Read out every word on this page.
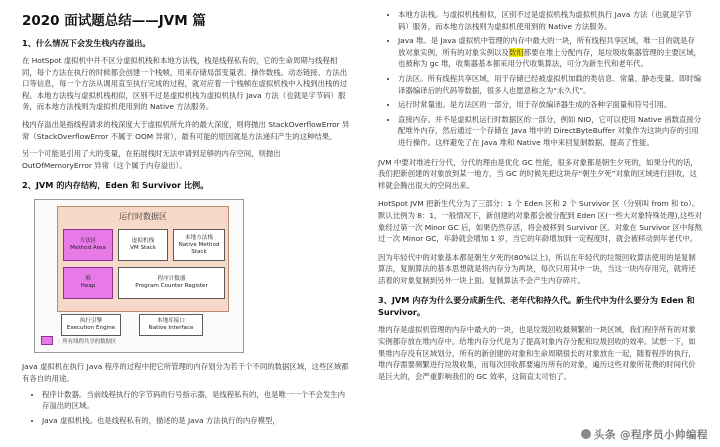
2020 面试题总结——JVM 篇
1、什么情况下会发生栈内存溢出。

在 HotSpot 虚拟机中并不区分虚拟机栈和本地方法栈，栈是线程私有的，它的生命周期与线程相同，每个方法在执行的时候都会创建一个栈帧，用来存储局部变量表、操作数栈、动态链接、方法出口等信息，每一个方法从调用直至执行完成的过程，就对应着一个栈帧在虚拟机栈中入栈到出栈的过程。本地方法栈与虚拟机栈相似，区别不过是虚拟机栈为虚拟机执行 Java 方法（也就是字节码）服务，而本地方法栈则为虚拟机使用到的 Native 方法服务。

栈内存溢出是指线程请求的栈深度大于虚拟机所允许的最大深度，则将抛出 StackOverflowError 异常（StackOverflowError 不属于 OOM 异常），最有可能的原因就是方法递归产生的这种结果。

另一个可能是引用了大的变量，在拓展栈时无法申请到足够的内存空间，则抛出 OutOfMemoryError 异常（这个属于内存溢出）。

2、JVM 的内存结构，Eden 和 Survivor 比例。
运行时数据区
方法区
Method Area
虚拟机栈
VM Stack
本地方法栈
Native Method
Stack
堆
Heap
程序计数器
Program Counter Register
执行引擎
Execution Engine
本地库接口
Native Interface
：所有线程共享的数据区

Java 虚拟机在执行 Java 程序的过程中把它所管理的内存划分为若干个不同的数据区域，这些区域都有各自的用途。

• 程序计数器。当前线程执行的字节码的行号指示器，是线程私有的，也是唯一一个不会发生内存溢出的区域。
• Java 虚拟机栈。也是线程私有的，描述的是 Java 方法执行的内存模型，
• 本地方法栈。与虚拟机栈相似，区别不过是虚拟机栈为虚拟机执行 Java 方法（也就是字节码）服务，而本地方法栈则为虚拟机使用到的 Native 方法服务。
• Java 堆。是 Java 虚拟机中管理的内存中最大的一块，所有线程共享区域，唯一目的就是存放对象实例，所有的对象实例以及数组都要在堆上分配内存，是垃圾收集器管理的主要区域，也被称为 gc 堆，收集器基本都采用分代收集算法，可分为新生代和老年代。
• 方法区。所有线程共享区域，用于存储已经被虚拟机加载的类信息、常量、静态变量、即时编译器编译后的代码等数据，很多人也愿意称之为“永久代”。
• 运行时常量池。是方法区的一部分，用于存放编译器生成的各种字面量和符号引用。
• 直接内存。并不是虚拟机运行时数据区的一部分，例如 NIO，它可以使用 Native 函数直接分配堆外内存，然后通过一个存储在 Java 堆中的 DirectByteBuffer 对象作为这块内存的引用进行操作。这样避免了在 Java 堆和 Native 堆中来回复制数据，提高了性能。

JVM 中要对堆进行分代，分代的理由是优化 GC 性能，很多对象都是朝生夕死的，如果分代的话，我们把新创建的对象放到某一地方，当 GC 的时候先把这块存“朝生夕死”对象的区域进行回收，这样就会腾出很大的空间出来。

HotSpot JVM 把新生代分为了三部分：1 个 Eden 区和 2 个 Survivor 区（分别叫 from 和 to）。默认比例为 8：1，一般情况下，新创建的对象都会被分配到 Eden 区(一些大对象特殊处理),这些对象经过第一次 Minor GC 后，如果仍然存活，将会被移到 Survivor 区。对象在 Survivor 区中每熬过一次 Minor GC，年龄就会增加 1 岁，当它的年龄增加到一定程度时，就会被移动到年老代中。

因为年轻代中的对象基本都是朝生夕死的(80%以上)，所以在年轻代的垃圾回收算法使用的是复制算法，复制算法的基本思想就是将内存分为两块，每次只用其中一块，当这一块内存用完，就将还活着的对象复制到另外一块上面。复制算法不会产生内存碎片。

3、JVM 内存为什么要分成新生代、老年代和持久代。新生代中为什么要分为 Eden 和 Survivor。

堆内存是虚拟机管理的内存中最大的一块，也是垃圾回收最频繁的一块区域，我们程序所有的对象实例都存放在堆内存中。给堆内存分代是为了提高对象内存分配和垃圾回收的效率。试想一下，如果堆内存没有区域划分，所有的新创建的对象和生命周期很长的对象放在一起，随着程序的执行，堆内存需要频繁进行垃圾收集，而每次回收都要遍历所有的对象，遍历这些对象所花费的时间代价是巨大的，会严重影响我们的 GC 效率，这简直太可怕了。

头条 @程序员小帅编程
